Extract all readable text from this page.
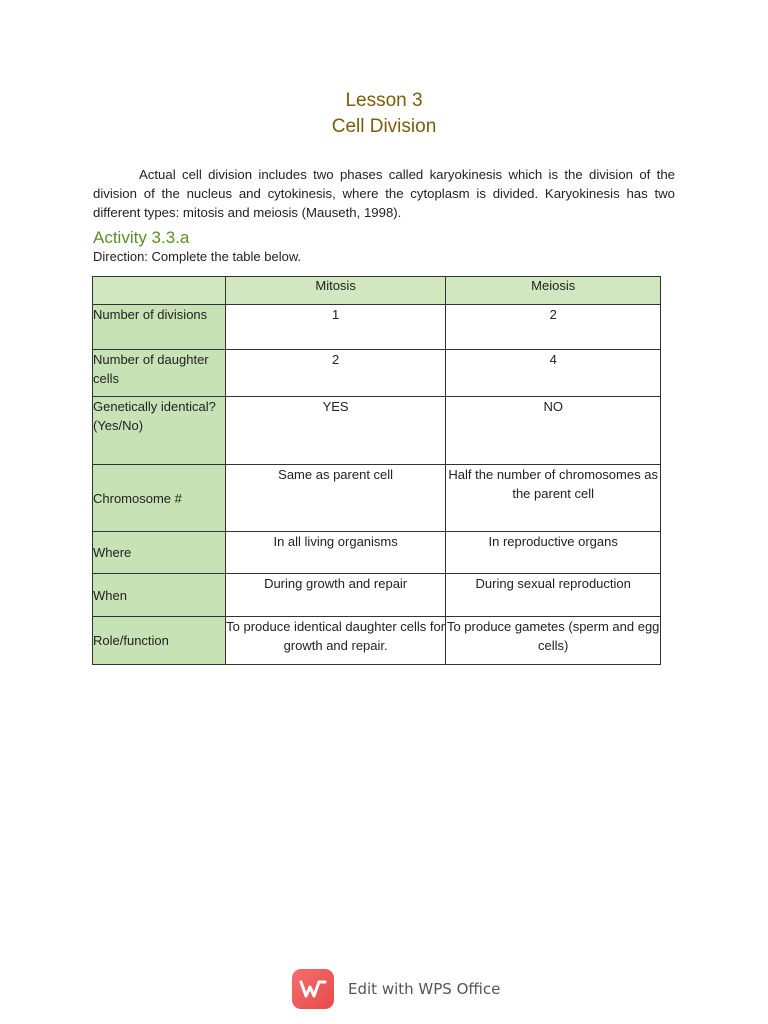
Lesson 3
Cell Division
Actual cell division includes two phases called karyokinesis which is the division of the division of the nucleus and cytokinesis, where the cytoplasm is divided. Karyokinesis has two different types: mitosis and meiosis (Mauseth, 1998).
Activity 3.3.a
Direction: Complete the table below.
	Mitosis	Meiosis
Number of divisions	1	2
Number of daughter cells	2	4
Genetically identical? (Yes/No)	YES	NO
Chromosome #	Same as parent cell	Half the number of chromosomes as the parent cell
Where	In all living organisms	In reproductive organs
When	During growth and repair	During sexual reproduction
Role/function	To produce identical daughter cells for growth and repair.	To produce gametes (sperm and egg cells)
Edit with WPS Office
